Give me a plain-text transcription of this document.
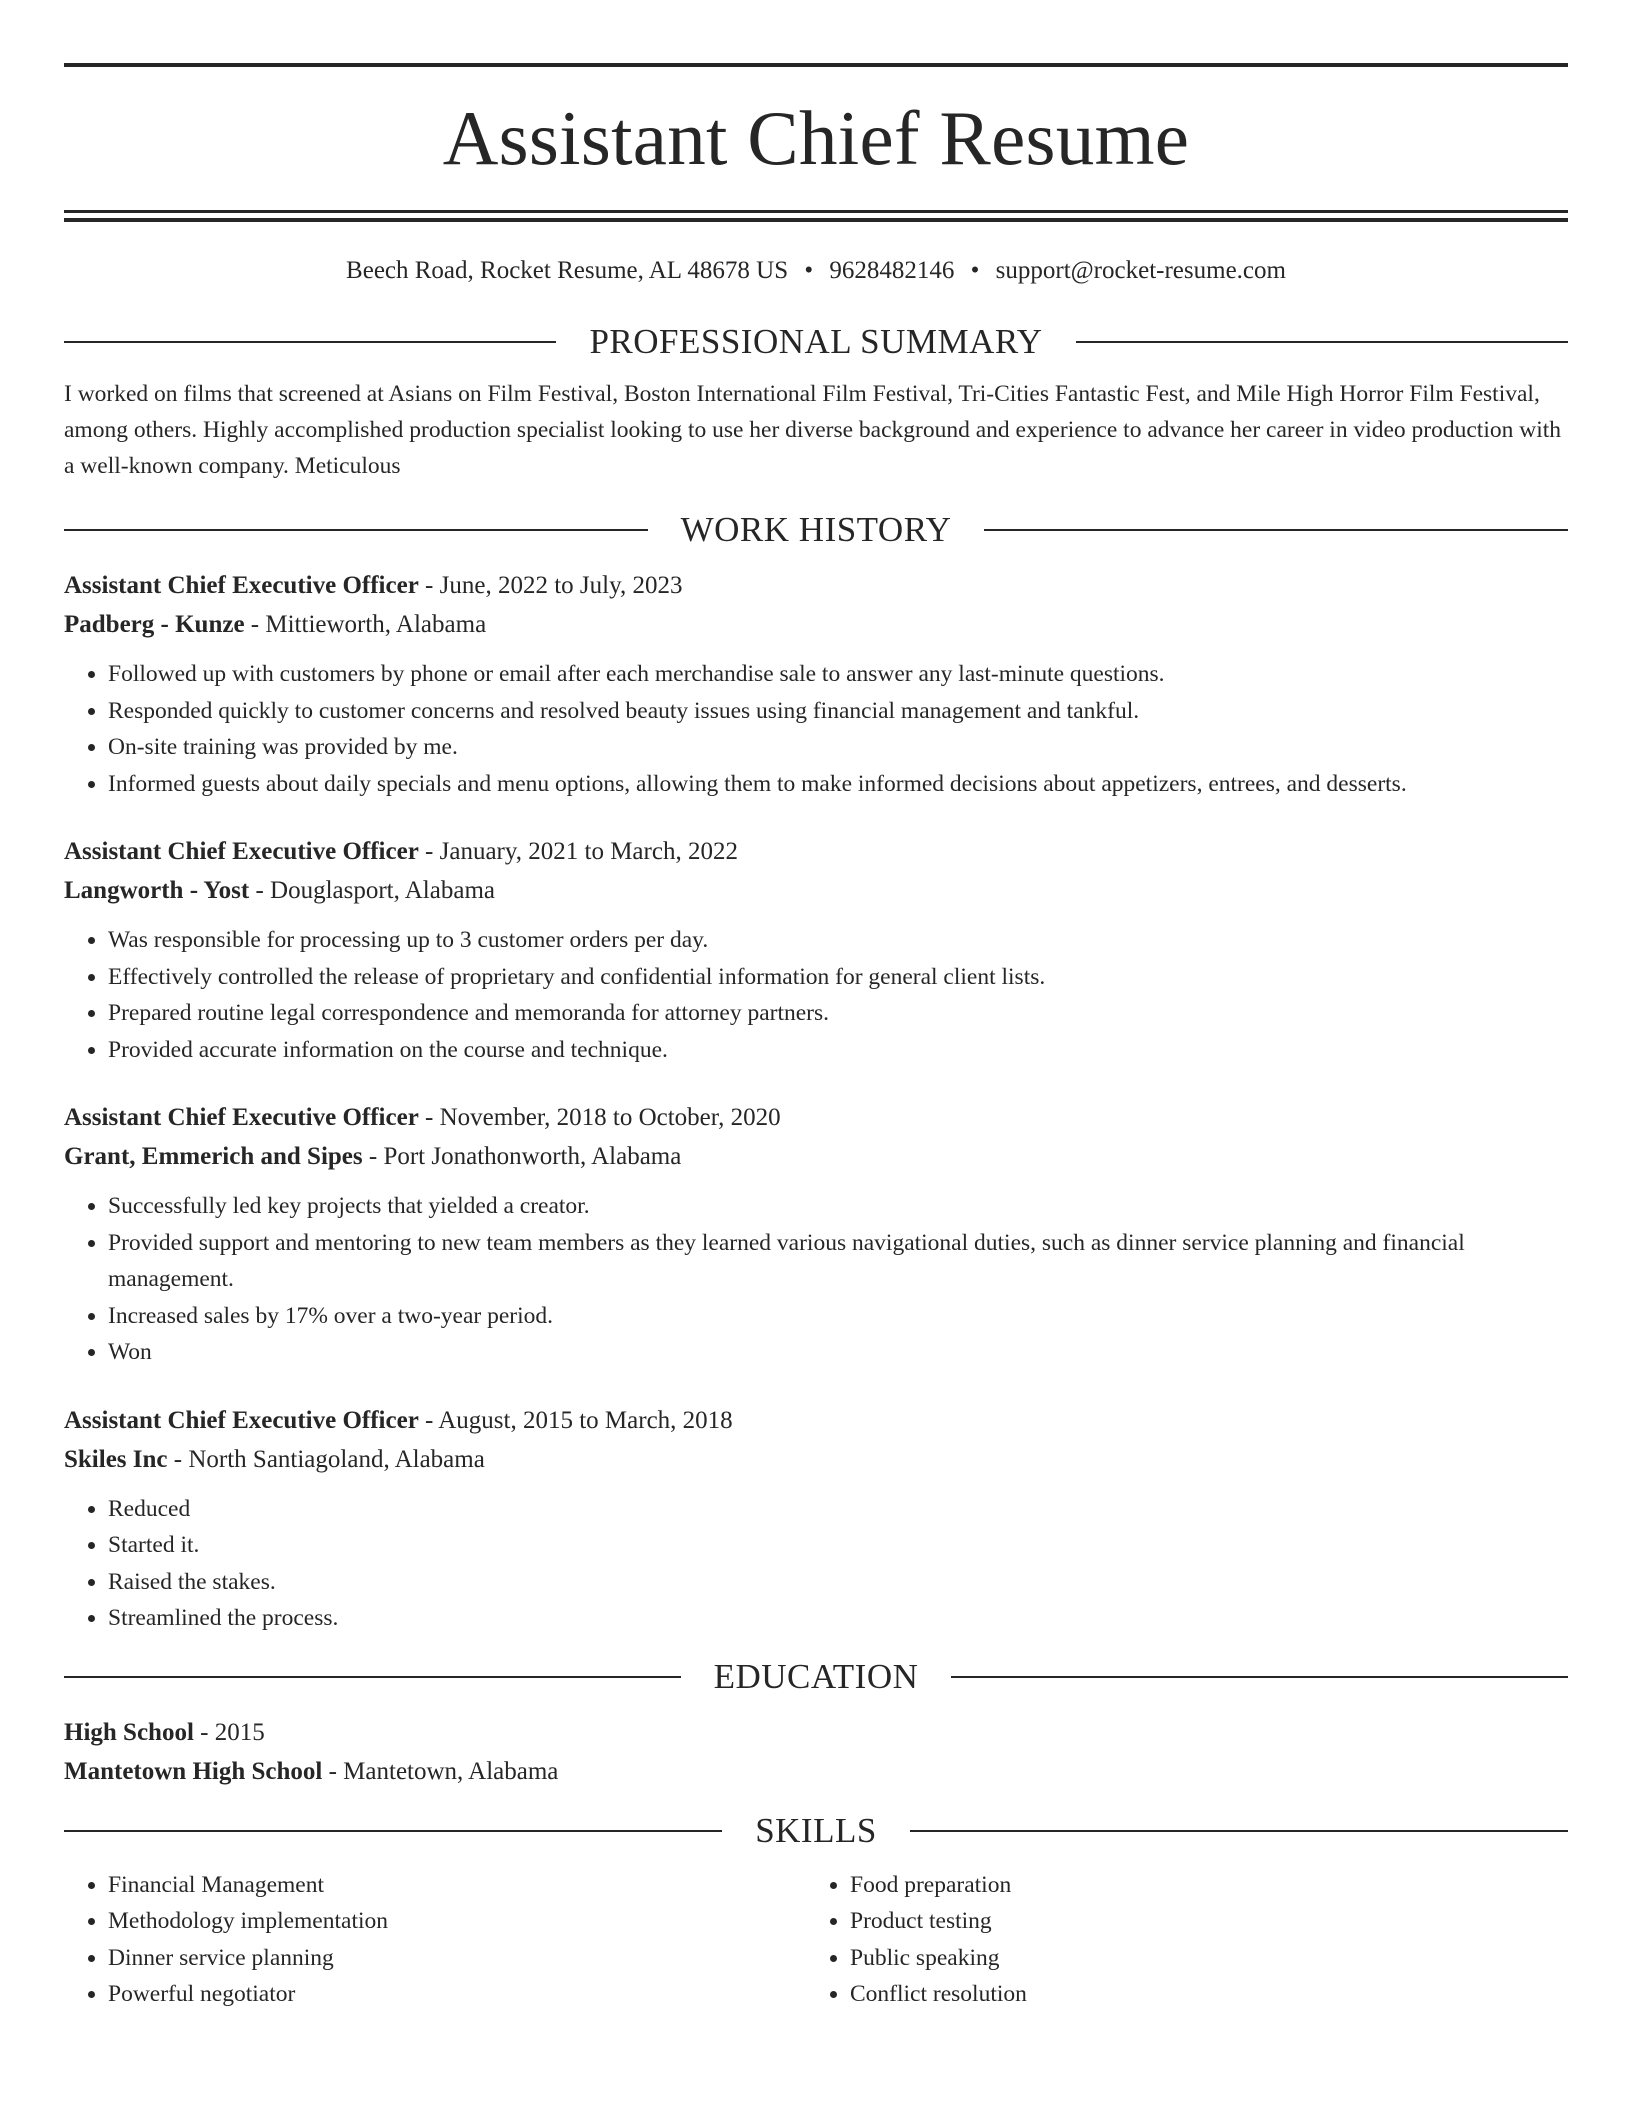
Assistant Chief Resume
Beech Road, Rocket Resume, AL 48678 US • 9628482146 • support@rocket-resume.com
PROFESSIONAL SUMMARY
I worked on films that screened at Asians on Film Festival, Boston International Film Festival, Tri-Cities Fantastic Fest, and Mile High Horror Film Festival, among others. Highly accomplished production specialist looking to use her diverse background and experience to advance her career in video production with a well-known company. Meticulous
WORK HISTORY
Assistant Chief Executive Officer - June, 2022 to July, 2023
Padberg - Kunze - Mittieworth, Alabama
• Followed up with customers by phone or email after each merchandise sale to answer any last-minute questions.
• Responded quickly to customer concerns and resolved beauty issues using financial management and tankful.
• On-site training was provided by me.
• Informed guests about daily specials and menu options, allowing them to make informed decisions about appetizers, entrees, and desserts.
Assistant Chief Executive Officer - January, 2021 to March, 2022
Langworth - Yost - Douglasport, Alabama
• Was responsible for processing up to 3 customer orders per day.
• Effectively controlled the release of proprietary and confidential information for general client lists.
• Prepared routine legal correspondence and memoranda for attorney partners.
• Provided accurate information on the course and technique.
Assistant Chief Executive Officer - November, 2018 to October, 2020
Grant, Emmerich and Sipes - Port Jonathonworth, Alabama
• Successfully led key projects that yielded a creator.
• Provided support and mentoring to new team members as they learned various navigational duties, such as dinner service planning and financial management.
• Increased sales by 17% over a two-year period.
• Won
Assistant Chief Executive Officer - August, 2015 to March, 2018
Skiles Inc - North Santiagoland, Alabama
• Reduced
• Started it.
• Raised the stakes.
• Streamlined the process.
EDUCATION
High School - 2015
Mantetown High School - Mantetown, Alabama
SKILLS
• Financial Management
• Methodology implementation
• Dinner service planning
• Powerful negotiator
• Food preparation
• Product testing
• Public speaking
• Conflict resolution
